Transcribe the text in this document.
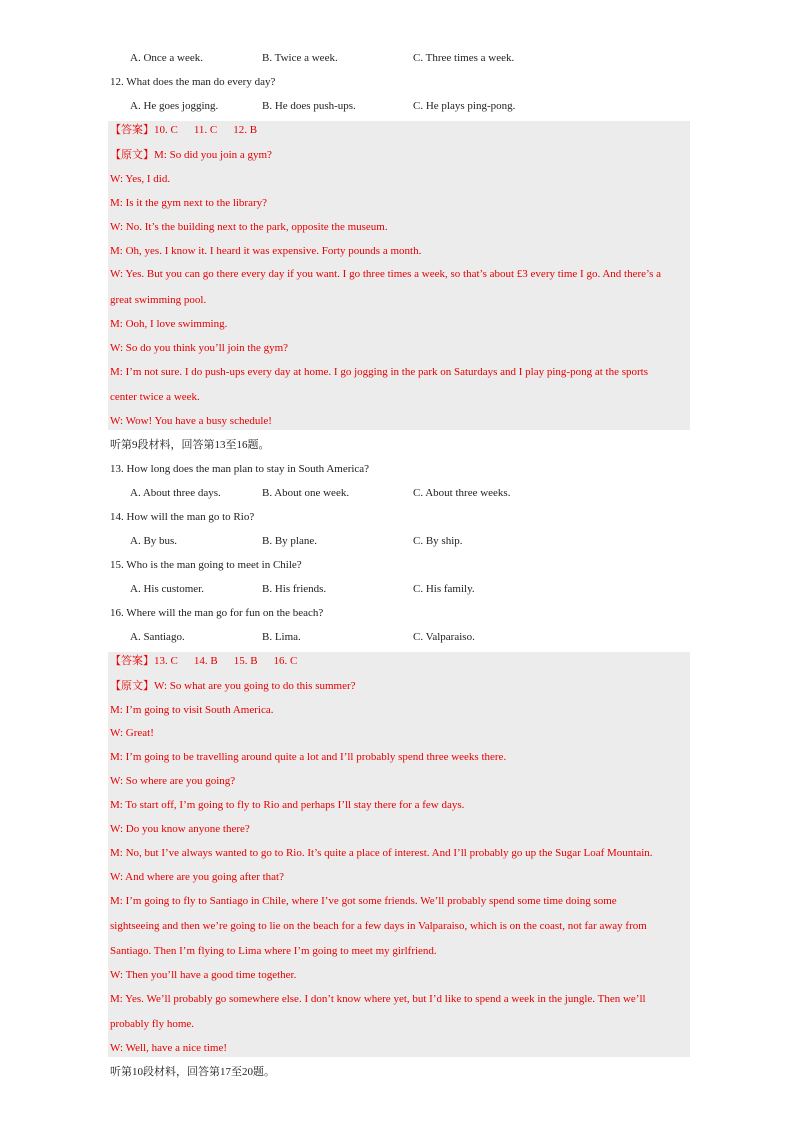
A. Once a week.	B. Twice a week.	C. Three times a week.
12. What does the man do every day?
A. He goes jogging.	B. He does push-ups.	C. He plays ping-pong.
【答案】10. C 11. C 12. B
【原文】M: So did you join a gym?
W: Yes, I did.
M: Is it the gym next to the library?
W: No. It’s the building next to the park, opposite the museum.
M: Oh, yes. I know it. I heard it was expensive. Forty pounds a month.
W: Yes. But you can go there every day if you want. I go three times a week, so that’s about £3 every time I go. And there’s a
great swimming pool.
M: Ooh, I love swimming.
W: So do you think you’ll join the gym?
M: I’m not sure. I do push-ups every day at home. I go jogging in the park on Saturdays and I play ping-pong at the sports
center twice a week.
W: Wow! You have a busy schedule!
听第9段材料，回答第13至16题。
13. How long does the man plan to stay in South America?
A. About three days.	B. About one week.	C. About three weeks.
14. How will the man go to Rio?
A. By bus.	B. By plane.	C. By ship.
15. Who is the man going to meet in Chile?
A. His customer.	B. His friends.	C. His family.
16. Where will the man go for fun on the beach?
A. Santiago.	B. Lima.	C. Valparaiso.
【答案】13. C 14. B 15. B 16. C
【原文】W: So what are you going to do this summer?
M: I’m going to visit South America.
W: Great!
M: I’m going to be travelling around quite a lot and I’ll probably spend three weeks there.
W: So where are you going?
M: To start off, I’m going to fly to Rio and perhaps I’ll stay there for a few days.
W: Do you know anyone there?
M: No, but I’ve always wanted to go to Rio. It’s quite a place of interest. And I’ll probably go up the Sugar Loaf Mountain.
W: And where are you going after that?
M: I’m going to fly to Santiago in Chile, where I’ve got some friends. We’ll probably spend some time doing some
sightseeing and then we’re going to lie on the beach for a few days in Valparaiso, which is on the coast, not far away from
Santiago. Then I’m flying to Lima where I’m going to meet my girlfriend.
W: Then you’ll have a good time together.
M: Yes. We’ll probably go somewhere else. I don’t know where yet, but I’d like to spend a week in the jungle. Then we’ll
probably fly home.
W: Well, have a nice time!
听第10段材料，回答第17至20题。
